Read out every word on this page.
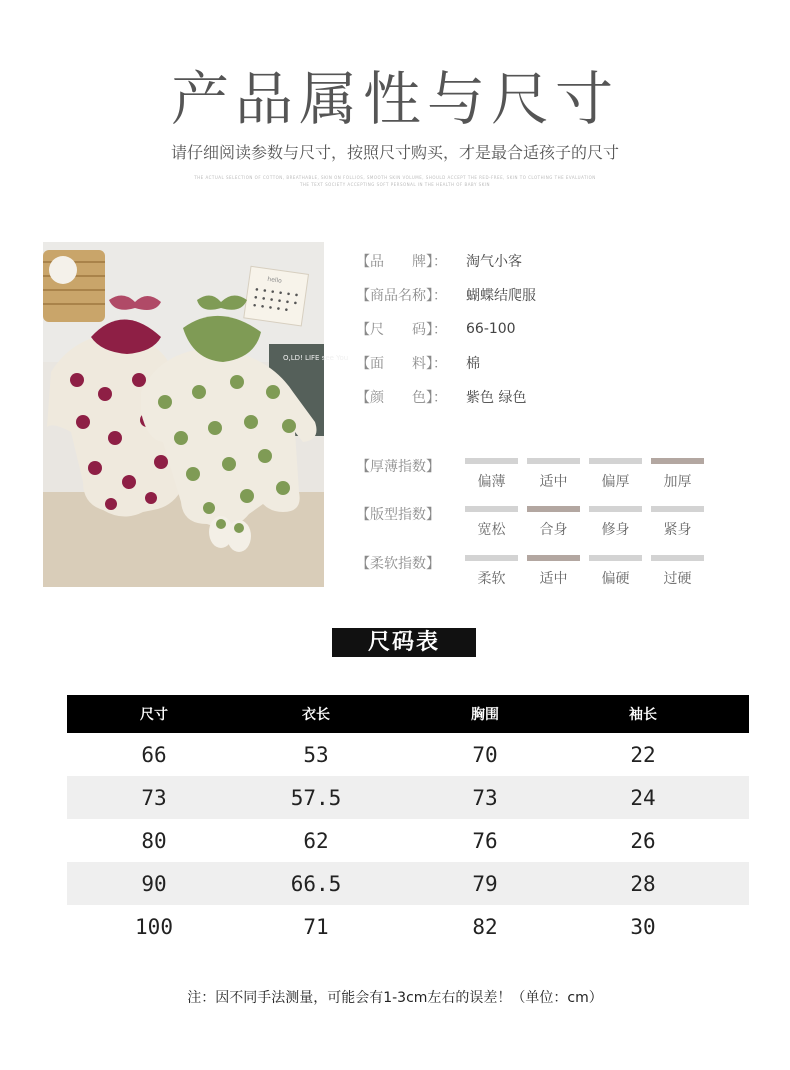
产品属性与尺寸
请仔细阅读参数与尺寸，按照尺寸购买，才是最合适孩子的尺寸
THE ACTUAL SELECTION OF COTTON, BREATHABLE, SKIN ON FOLLIOS, SMOOTH SKIN VOLUME, SHOULD ACCEPT THE RED-FREE, SKIN TO CLOTHING THE EVALUATION
THE TEXT SOCIETY ACCEPTING SOFT PERSONAL IN THE HEALTH OF BABY SKIN
hello
O,LD! LIFE see You
【品　　牌】：	淘气小客
【商品名称】：	蝴蝶结爬服
【尺　　码】：	66-100
【面　　料】：	棉
【颜　　色】：	紫色 绿色
【厚薄指数】
偏薄	适中	偏厚	加厚
【版型指数】
宽松	合身	修身	紧身
【柔软指数】
柔软	适中	偏硬	过硬
尺码表
尺寸	衣长	胸围	袖长
66	53	70	22
73	57.5	73	24
80	62	76	26
90	66.5	79	28
100	71	82	30
注：因不同手法测量，可能会有1-3cm左右的误差！（单位：cm）
